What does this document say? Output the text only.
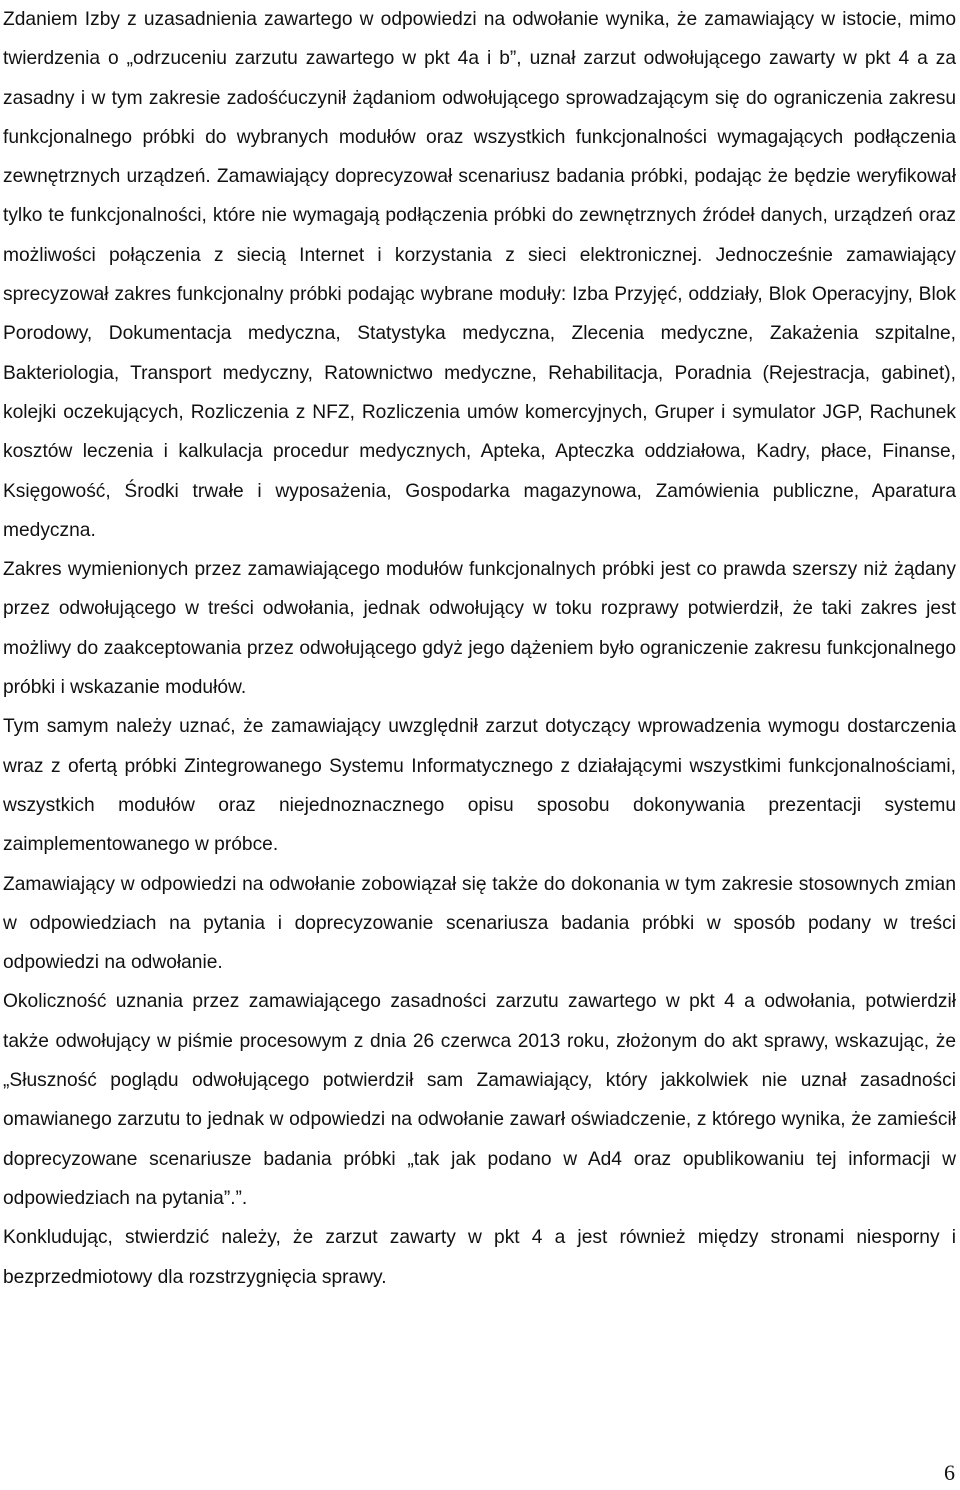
Zdaniem Izby z uzasadnienia zawartego w odpowiedzi na odwołanie wynika, że zamawiający w istocie, mimo twierdzenia o „odrzuceniu zarzutu zawartego w pkt 4a i b”, uznał zarzut odwołującego zawarty w pkt 4 a za zasadny i w tym zakresie zadośćuczynił żądaniom odwołującego sprowadzającym się do ograniczenia zakresu funkcjonalnego próbki do wybranych modułów oraz wszystkich funkcjonalności wymagających podłączenia zewnętrznych urządzeń. Zamawiający doprecyzował scenariusz badania próbki, podając że będzie weryfikował tylko te funkcjonalności, które nie wymagają podłączenia próbki do zewnętrznych źródeł danych, urządzeń oraz możliwości połączenia z siecią Internet i korzystania z sieci elektronicznej. Jednocześnie zamawiający sprecyzował zakres funkcjonalny próbki podając wybrane moduły: Izba Przyjęć, oddziały, Blok Operacyjny, Blok Porodowy, Dokumentacja medyczna, Statystyka medyczna, Zlecenia medyczne, Zakażenia szpitalne, Bakteriologia, Transport medyczny, Ratownictwo medyczne, Rehabilitacja, Poradnia (Rejestracja, gabinet), kolejki oczekujących, Rozliczenia z NFZ, Rozliczenia umów komercyjnych, Gruper i symulator JGP, Rachunek kosztów leczenia i kalkulacja procedur medycznych, Apteka, Apteczka oddziałowa, Kadry, płace, Finanse, Księgowość, Środki trwałe i wyposażenia, Gospodarka magazynowa, Zamówienia publiczne, Aparatura medyczna.

Zakres wymienionych przez zamawiającego modułów funkcjonalnych próbki jest co prawda szerszy niż żądany przez odwołującego w treści odwołania, jednak odwołujący w toku rozprawy potwierdził, że taki zakres jest możliwy do zaakceptowania przez odwołującego gdyż jego dążeniem było ograniczenie zakresu funkcjonalnego próbki i wskazanie modułów.

Tym samym należy uznać, że zamawiający uwzględnił zarzut dotyczący wprowadzenia wymogu dostarczenia wraz z ofertą próbki Zintegrowanego Systemu Informatycznego z działającymi wszystkimi funkcjonalnościami, wszystkich modułów oraz niejednoznacznego opisu sposobu dokonywania prezentacji systemu zaimplementowanego w próbce.

Zamawiający w odpowiedzi na odwołanie zobowiązał się także do dokonania w tym zakresie stosownych zmian w odpowiedziach na pytania i doprecyzowanie scenariusza badania próbki w sposób podany w treści odpowiedzi na odwołanie.

Okoliczność uznania przez zamawiającego zasadności zarzutu zawartego w pkt 4 a odwołania, potwierdził także odwołujący w piśmie procesowym z dnia 26 czerwca 2013 roku, złożonym do akt sprawy, wskazując, że „Słuszność poglądu odwołującego potwierdził sam Zamawiający, który jakkolwiek nie uznał zasadności omawianego zarzutu to jednak w odpowiedzi na odwołanie zawarł oświadczenie, z którego wynika, że zamieścił doprecyzowane scenariusze badania próbki „tak jak podano w Ad4 oraz opublikowaniu tej informacji w odpowiedziach na pytania”.”.

Konkludując, stwierdzić należy, że zarzut zawarty w pkt 4 a jest również między stronami niesporny i bezprzedmiotowy dla rozstrzygnięcia sprawy.

6
